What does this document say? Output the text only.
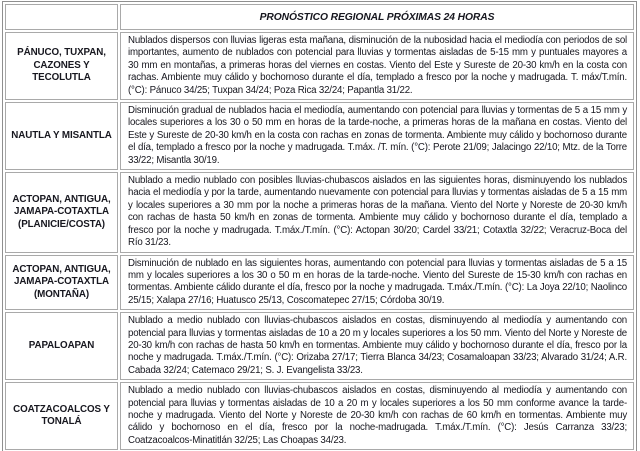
	PRONÓSTICO REGIONAL PRÓXIMAS 24 HORAS
PÁNUCO, TUXPAN, CAZONES Y TECOLUTLA	Nublados dispersos con lluvias ligeras esta mañana, disminución de la nubosidad hacia el mediodía con periodos de sol importantes, aumento de nublados con potencial para lluvias y tormentas aisladas de 5-15 mm y puntuales mayores a 30 mm en montañas, a primeras horas del viernes en costas. Viento del Este y Sureste de 20-30 km/h en la costa con rachas. Ambiente muy cálido y bochornoso durante el día, templado a fresco por la noche y madrugada. T. máx/T.mín. (°C): Pánuco 34/25; Tuxpan 34/24; Poza Rica 32/24; Papantla 31/22.
NAUTLA Y MISANTLA	Disminución gradual de nublados hacia el mediodía, aumentando con potencial para lluvias y tormentas de 5 a 15 mm y locales superiores a los 30 o 50 mm en horas de la tarde-noche, a primeras horas de la mañana en costas. Viento del Este y Sureste de 20-30 km/h en la costa con rachas en zonas de tormenta. Ambiente muy cálido y bochornoso durante el día, templado a fresco por la noche y madrugada. T.máx. /T. mín. (°C): Perote 21/09; Jalacingo 22/10; Mtz. de la Torre 33/22; Misantla 30/19.
ACTOPAN, ANTIGUA, JAMAPA-COTAXTLA (PLANICIE/COSTA)	Nublado a medio nublado con posibles lluvias-chubascos aislados en las siguientes horas, disminuyendo los nublados hacia el mediodía y por la tarde, aumentando nuevamente con potencial para lluvias y tormentas aisladas de 5 a 15 mm y locales superiores a 30 mm por la noche a primeras horas de la mañana. Viento del Norte y Noreste de 20-30 km/h con rachas de hasta 50 km/h en zonas de tormenta. Ambiente muy cálido y bochornoso durante el día, templado a fresco por la noche y madrugada. T.máx./T.mín. (°C): Actopan 30/20; Cardel 33/21; Cotaxtla 32/22; Veracruz-Boca del Río 31/23.
ACTOPAN, ANTIGUA, JAMAPA-COTAXTLA (MONTAÑA)	Disminución de nublado en las siguientes horas, aumentando con potencial para lluvias y tormentas aisladas de 5 a 15 mm y locales superiores a los 30 o 50 m en horas de la tarde-noche. Viento del Sureste de 15-30 km/h con rachas en tormentas. Ambiente cálido durante el día, fresco por la noche y madrugada. T.máx./T.mín. (°C): La Joya 22/10; Naolinco 25/15; Xalapa 27/16; Huatusco 25/13, Coscomatepec 27/15; Córdoba 30/19.
PAPALOAPAN	Nublado a medio nublado con lluvias-chubascos aislados en costas, disminuyendo al mediodía y aumentando con potencial para lluvias y tormentas aisladas de 10 a 20 m y locales superiores a los 50 mm. Viento del Norte y Noreste de 20-30 km/h con rachas de hasta 50 km/h en tormentas. Ambiente muy cálido y bochornoso durante el día, fresco por la noche y madrugada. T.máx./T.mín. (°C): Orizaba 27/17; Tierra Blanca 34/23; Cosamaloapan 33/23; Alvarado 31/24; A.R. Cabada 32/24; Catemaco 29/21; S. J. Evangelista 33/23.
COATZACOALCOS Y TONALÁ	Nublado a medio nublado con lluvias-chubascos aislados en costas, disminuyendo al mediodía y aumentando con potencial para lluvias y tormentas aisladas de 10 a 20 m y locales superiores a los 50 mm conforme avance la tarde-noche y madrugada. Viento del Norte y Noreste de 20-30 km/h con rachas de 60 km/h en tormentas. Ambiente muy cálido y bochornoso en el día, fresco por la noche-madrugada. T.máx./T.mín. (°C): Jesús Carranza 33/23; Coatzacoalcos-Minatitlán 32/25; Las Choapas 34/23.
